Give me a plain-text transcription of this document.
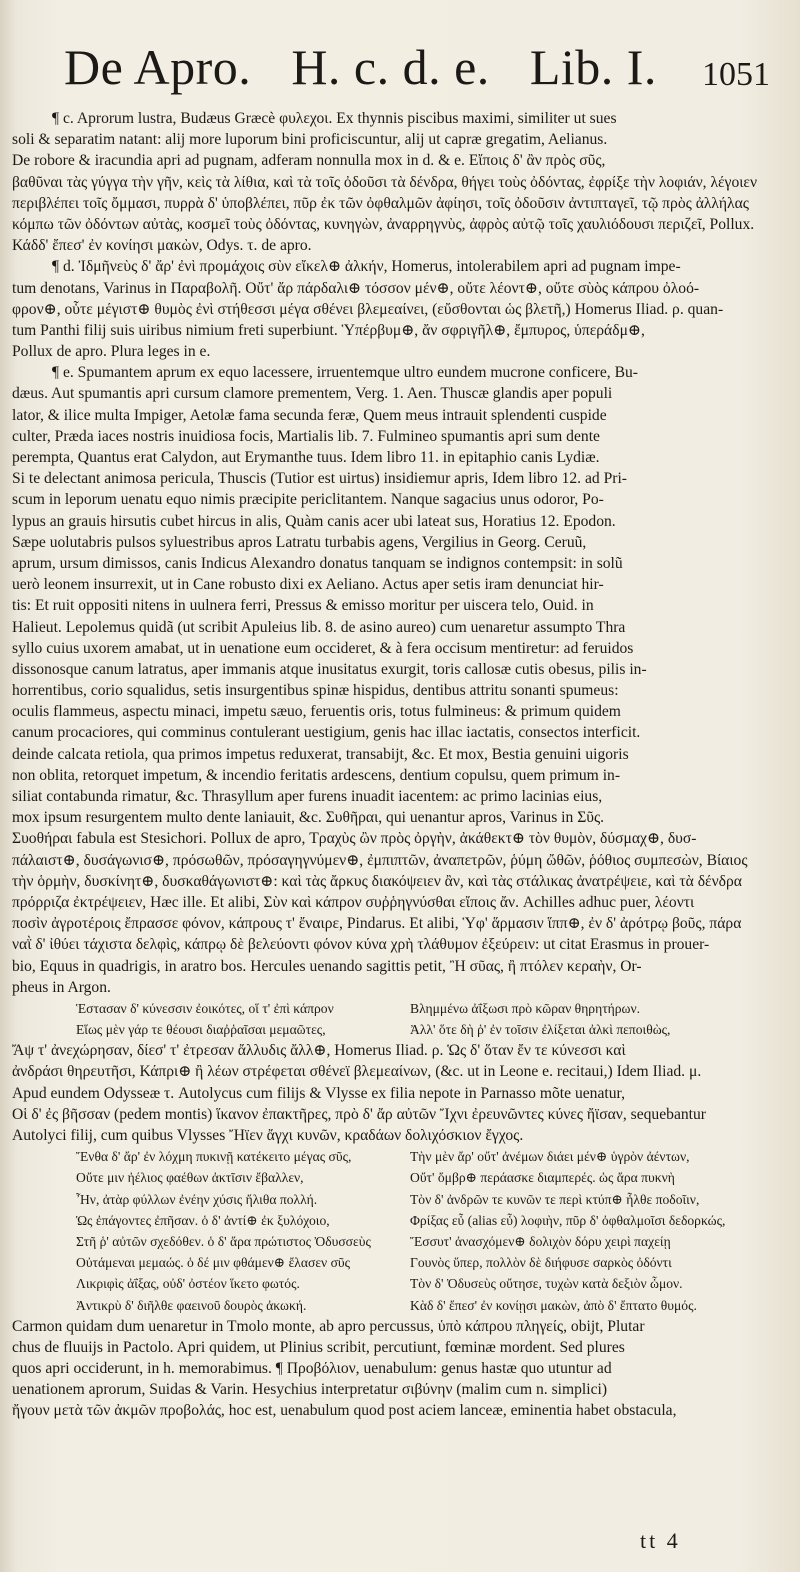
De Apro. H. c. d. e. Lib. I.	1051
¶ c. Aprorum lustra, Budæus Græcè φυλεχοι. Ex thynnis piscibus maximi, similiter ut sues
soli & separatim natant: alij more luporum bini proficiscuntur, alij ut capræ gregatim, Aelianus.
De robore & iracundia apri ad pugnam, adferam nonnulla mox in d. & e. Εἴποις δ' ἂν πρὸς σῦς,
βαθῦναι τὰς γύγγα τὴν γῆν, κεὶς τὰ λίθια, καὶ τὰ τοῖς ὀδοῦσι τὰ δένδρα, θήγει τοὺς ὀδόντας, ἐφρίξε τὴν λοφιάν, λέγοιεν
περιβλέπει τοῖς ὄμμασι, πυρρὰ δ' ὑποβλέπει, πῦρ ἐκ τῶν ὀφθαλμῶν ἀφίησι, τοῖς ὀδοῦσιν ἀντιπταγεῖ, τῷ πρὸς ἀλλήλας
κόμπω τῶν ὀδόντων αὐτὰς, κοσμεῖ τοὺς ὀδόντας, κυνηγὼν, ἀναρρηγνὺς, ἀφρὸς αὐτῷ τοῖς χαυλιόδουσι περιζεῖ, Pollux.
Κάδδ' ἔπεσ' ἐν κονίησι μακὼν, Odys. τ. de apro.
¶ d. Ἰδμῆνεὺς δ' ἄρ' ἐνὶ προμάχοις σὺν εἴκελ⊕ ἀλκήν, Homerus, intolerabilem apri ad pugnam impe-
tum denotans, Varinus in Παραβολῆ. Οὔτ' ἄρ πάρδαλι⊕ τόσσον μέν⊕, οὔτε λέοντ⊕, οὔτε σὺὸς κάπρου ὀλοό-
φρον⊕, οὗτε μέγιστ⊕ θυμὸς ἐνὶ στήθεσσι μέγα σθένει βλεμεαίνει, (εὔσθονται ὡς βλετῆ,) Homerus Iliad. ρ. quan-
tum Panthi filij suis uiribus nimium freti superbiunt. Ὑπέρβυμ⊕, ἄν σφριγῆλ⊕, ἔμπυρος, ὑπεράδμ⊕,
Pollux de apro. Plura leges in e.
¶ e. Spumantem aprum ex equo lacessere, irruentemque ultro eundem mucrone conficere, Bu-
dæus. Aut spumantis apri cursum clamore prementem, Verg. 1. Aen. Thuscæ glandis aper populi
lator, & ilice multa Impiger, Aetolæ fama secunda feræ, Quem meus intrauit splendenti cuspide
culter, Præda iaces nostris inuidiosa focis, Martialis lib. 7. Fulmineo spumantis apri sum dente
perempta, Quantus erat Calydon, aut Erymanthe tuus. Idem libro 11. in epitaphio canis Lydiæ.
Si te delectant animosa pericula, Thuscis (Tutior est uirtus) insidiemur apris, Idem libro 12. ad Pri-
scum in leporum uenatu equo nimis præcipite periclitantem. Nanque sagacius unus odoror, Po-
lypus an grauis hirsutis cubet hircus in alis, Quàm canis acer ubi lateat sus, Horatius 12. Epodon.
Sæpe uolutabris pulsos syluestribus apros Latratu turbabis agens, Vergilius in Georg. Ceruũ,
aprum, ursum dimissos, canis Indicus Alexandro donatus tanquam se indignos contempsit: in solũ
uerò leonem insurrexit, ut in Cane robusto dixi ex Aeliano. Actus aper setis iram denunciat hir-
tis: Et ruit oppositi nitens in uulnera ferri, Pressus & emisso moritur per uiscera telo, Ouid. in
Halieut. Lepolemus quidã (ut scribit Apuleius lib. 8. de asino aureo) cum uenaretur assumpto Thra
syllo cuius uxorem amabat, ut in uenatione eum occideret, & à fera occisum mentiretur: ad feruidos
dissonosque canum latratus, aper immanis atque inusitatus exurgit, toris callosæ cutis obesus, pilis in-
horrentibus, corio squalidus, setis insurgentibus spinæ hispidus, dentibus attritu sonanti spumeus:
oculis flammeus, aspectu minaci, impetu sæuo, feruentis oris, totus fulmineus: & primum quidem
canum procaciores, qui comminus contulerant uestigium, genis hac illac iactatis, consectos interficit.
deinde calcata retiola, qua primos impetus reduxerat, transabijt, &c. Et mox, Bestia genuini uigoris
non oblita, retorquet impetum, & incendio feritatis ardescens, dentium copulsu, quem primum in-
siliat contabunda rimatur, &c. Thrasyllum aper furens inuadit iacentem: ac primo lacinias eius,
mox ipsum resurgentem multo dente laniauit, &c. Συθῆραι, qui uenantur apros, Varinus in Σῦς.
Συοθήραι fabula est Stesichori. Pollux de apro, Τραχὺς ὢν πρὸς ὀργὴν, ἀκάθεκτ⊕ τὸν θυμὸν, δύσμαχ⊕, δυσ-
πάλαιστ⊕, δυσάγωνισ⊕, πρόσωθῶν, πρόσαγηγνύμεν⊕, ἐμπιπτῶν, ἀναπετρῶν, ῥύμη ὤθῶν, ῥόθιος συμπεσὼν, Βίαιος
τὴν ὁρμὴν, δυσκίνητ⊕, δυσκαθάγωνιστ⊕: καὶ τὰς ἄρκυς διακόψειεν ἂν, καὶ τὰς στάλικας ἀνατρέψειε, καὶ τὰ δένδρα
πρόρριζα ἐκτρέψειεν, Hæc ille. Et alibi, Σὺν καὶ κάπρον συῤῥηγνύσθαι εἴποις ἄν. Achilles adhuc puer, λέοντι
ποσὶν ἀγροτέροις ἔπρασσε φόνον, κάπρους τ' ἔναιρε, Pindarus. Et alibi, Ὑφ' ἅρμασιν ἵππ⊕, ἐν δ' ἀρότρῳ βοῦς, πάρα
ναῒ δ' ἰθύει τάχιστα δελφὶς, κάπρῳ δὲ βελεύοντι φόνον κύνα χρὴ τλάθυμον ἐξεύρειν: ut citat Erasmus in prouer-
bio, Equus in quadrigis, in aratro bos. Hercules uenando sagittis petit, Ἢ σῦας, ἢ πτόλεν κεραὴν, Or-
pheus in Argon.
Ἑστασαν δ' κύνεσσιν ἐοικότες, οἵ τ' ἐπὶ κάπρον	Βλημμένω ἀΐξωσι πρὸ κῶραν θηρητήρων.
Εἵως μὲν γάρ τε θέουσι διαῤῥαῖσαι μεμαῶτες,	Ἀλλ' ὅτε δὴ ῥ' ἐν τοῖσιν ἐλίξεται ἀλκὶ πεποιθὼς,
Ἄψ τ' ἀνεχώρησαν, δίεσ' τ' ἐτρεσαν ἄλλυδις ἄλλ⊕, Homerus Iliad. ρ. Ὡς δ' ὅταν ἔν τε κύνεσσι καὶ
ἀνδράσι θηρευτῆσι, Κάπρι⊕ ἢ λέων στρέφεται σθένεϊ βλεμεαίνων, (&c. ut in Leone e. recitaui,) Idem Iliad. μ.
Apud eundem Odysseæ τ. Autolycus cum filijs & Vlysse ex filia nepote in Parnasso mõte uenatur,
Οἱ δ' ἐς βῆσσαν (pedem montis) ἵκανον ἐπακτῆρες, πρὸ δ' ἄρ αὐτῶν Ἴχνι ἐρευνῶντες κύνες ἤϊσαν, sequebantur
Autolyci filij, cum quibus Vlysses Ἤϊεν ἄγχι κυνῶν, κραδάων δολιχόσκιον ἔγχος.
Ἔνθα δ' ἄρ' ἐν λόχμη πυκινῇ κατέκειτο μέγας σῦς,	Τὴν μὲν ἄρ' οὔτ' ἀνέμων διάει μέν⊕ ὑγρὸν ἀέντων,
Οὔτε μιν ἠέλιος φαέθων ἀκτῖσιν ἔβαλλεν,	Οὔτ' ὄμβρ⊕ περάασκε διαμπερές. ὡς ἄρα πυκνὴ
Ἦν, ἀτὰρ φύλλων ἐνέην χύσις ἤλιθα πολλή.	Τὸν δ' ἀνδρῶν τε κυνῶν τε περὶ κτύπ⊕ ἦλθε ποδοῖιν,
Ὡς ἐπάγοντες ἐπῆσαν. ὁ δ' ἀντί⊕ ἐκ ξυλόχοιο,	Φρίξας εὖ (alias εὖ) λοφιὴν, πῦρ δ' ὀφθαλμοῖσι δεδορκώς,
Στῆ ῥ' αὐτῶν σχεδόθεν. ὁ δ' ἄρα πρώτιστος Ὀδυσσεὺς	Ἔσσυτ' ἀνασχόμεν⊕ δολιχὸν δόρυ χειρὶ παχείῃ
Οὐτάμεναι μεμαώς. ὁ δέ μιν φθάμεν⊕ ἔλασεν σῦς	Γουνὸς ὕπερ, πολλὸν δὲ διήφυσε σαρκὸς ὀδόντι
Λικριφὶς ἀΐξας, οὐδ' ὀστέον ἵκετο φωτός.	Τὸν δ' Ὀδυσεὺς οὔτησε, τυχὼν κατὰ δεξιὸν ὦμον.
Ἀντικρὺ δ' διῆλθε φαεινοῦ δουρὸς ἀκωκή.	Κὰδ δ' ἔπεσ' ἐν κονίῃσι μακὼν, ἀπὸ δ' ἔπτατο θυμός.
Carmon quidam dum uenaretur in Tmolo monte, ab apro percussus, ὑπὸ κάπρου πληγείς, obijt, Plutar
chus de fluuijs in Pactolo. Apri quidem, ut Plinius scribit, percutiunt, fœminæ mordent. Sed plures
quos apri occiderunt, in h. memorabimus. ¶ Προβόλιον, uenabulum: genus hastæ quo utuntur ad
uenationem aprorum, Suidas & Varin. Hesychius interpretatur σιβύνην (malim cum n. simplici)
ἤγουν μετὰ τῶν ἀκμῶν προβολάς, hoc est, uenabulum quod post aciem lanceæ, eminentia habet obstacula,
tt 4
